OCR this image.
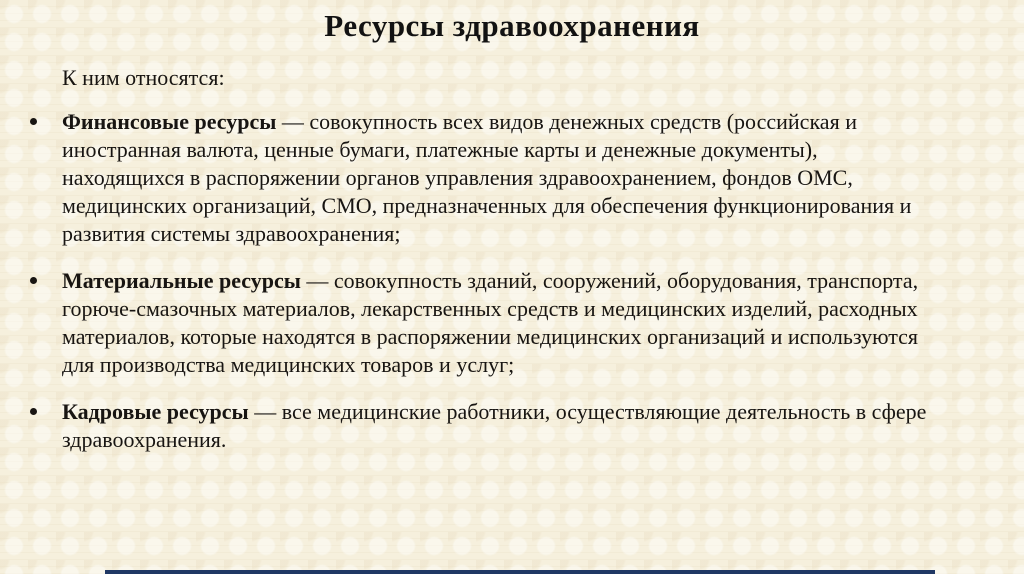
Ресурсы здравоохранения

К ним относятся:

Финансовые ресурсы — совокупность всех видов денежных средств (российская и иностранная валюта, ценные бумаги, платежные карты и денежные документы), находящихся в распоряжении органов управления здравоохранением, фондов ОМС, медицинских организаций, СМО, предназначенных для обеспечения функционирования и развития системы здравоохранения;
Материальные ресурсы — совокупность зданий, сооружений, оборудования, транспорта, горюче-смазочных материалов, лекарственных средств и медицинских изделий, расходных материалов, которые находятся в распоряжении медицинских организаций и используются для производства медицинских товаров и услуг;
Кадровые ресурсы — все медицинские работники, осуществляющие деятельность в сфере здравоохранения.
